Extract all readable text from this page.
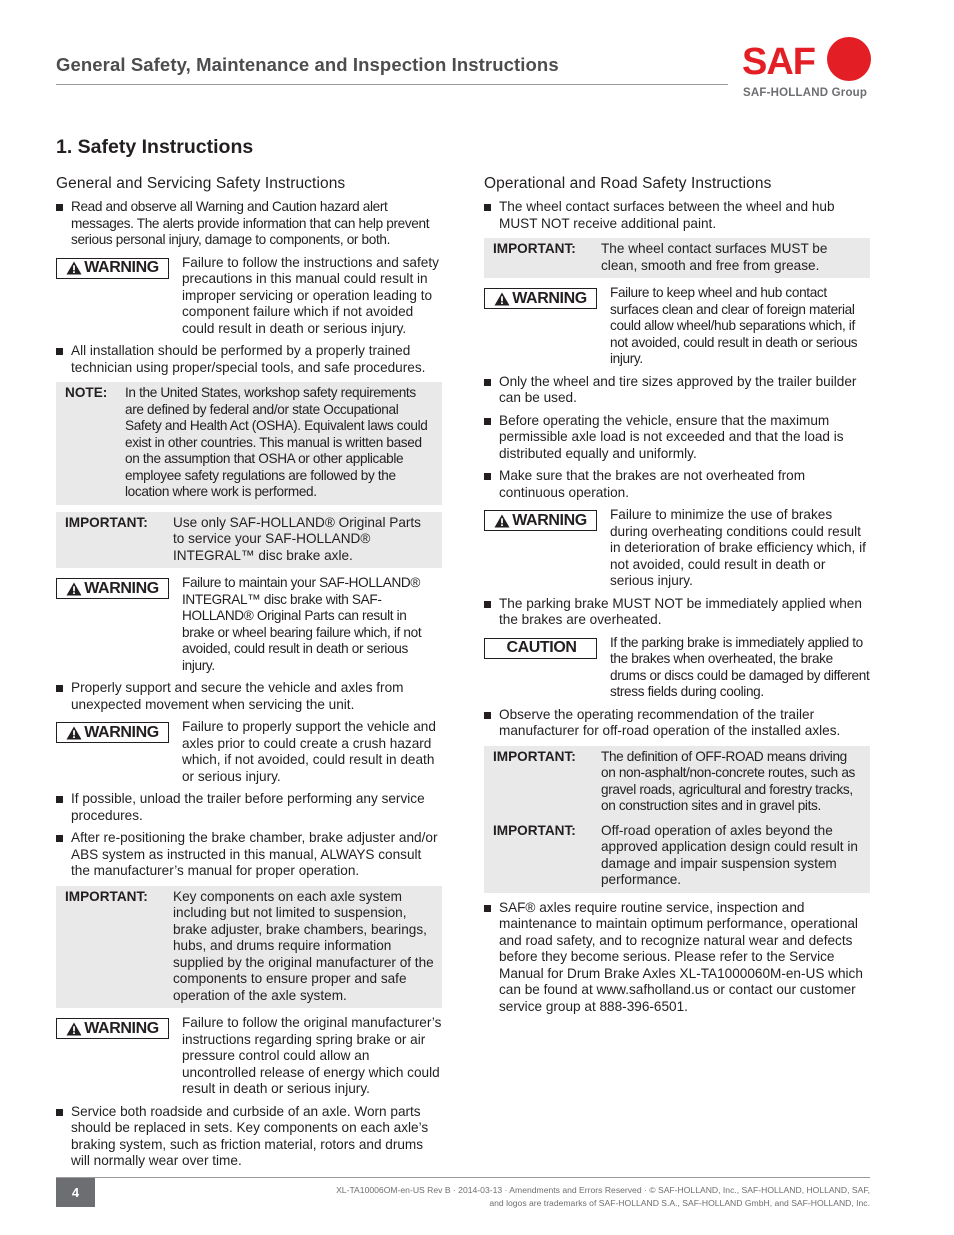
General Safety, Maintenance and Inspection Instructions	SAF
SAF-HOLLAND Group
1. Safety Instructions
General and Servicing Safety Instructions
Read and observe all Warning and Caution hazard alert messages. The alerts provide information that can help prevent serious personal injury, damage to components, or both.
WARNING Failure to follow the instructions and safety precautions in this manual could result in improper servicing or operation leading to component failure which if not avoided could result in death or serious injury.
All installation should be performed by a properly trained technician using proper/special tools, and safe procedures.
NOTE:	In the United States, workshop safety requirements are defined by federal and/or state Occupational Safety and Health Act (OSHA). Equivalent laws could exist in other countries. This manual is written based on the assumption that OSHA or other applicable employee safety regulations are followed by the location where work is performed.
IMPORTANT:	Use only SAF-HOLLAND® Original Parts to service your SAF-HOLLAND® INTEGRAL™ disc brake axle.
WARNING Failure to maintain your SAF-HOLLAND® INTEGRAL™ disc brake with SAF-HOLLAND® Original Parts can result in brake or wheel bearing failure which, if not avoided, could result in death or serious injury.
Properly support and secure the vehicle and axles from unexpected movement when servicing the unit.
WARNING Failure to properly support the vehicle and axles prior to could create a crush hazard which, if not avoided, could result in death or serious injury.
If possible, unload the trailer before performing any service procedures.
After re-positioning the brake chamber, brake adjuster and/or ABS system as instructed in this manual, ALWAYS consult the manufacturer’s manual for proper operation.
IMPORTANT:	Key components on each axle system including but not limited to suspension, brake adjuster, brake chambers, bearings, hubs, and drums require information supplied by the original manufacturer of the components to ensure proper and safe operation of the axle system.
WARNING Failure to follow the original manufacturer’s instructions regarding spring brake or air pressure control could allow an uncontrolled release of energy which could result in death or serious injury.
Service both roadside and curbside of an axle. Worn parts should be replaced in sets. Key components on each axle’s braking system, such as friction material, rotors and drums will normally wear over time.
Operational and Road Safety Instructions
The wheel contact surfaces between the wheel and hub MUST NOT receive additional paint.
IMPORTANT:	The wheel contact surfaces MUST be clean, smooth and free from grease.
WARNING Failure to keep wheel and hub contact surfaces clean and clear of foreign material could allow wheel/hub separations which, if not avoided, could result in death or serious injury.
Only the wheel and tire sizes approved by the trailer builder can be used.
Before operating the vehicle, ensure that the maximum permissible axle load is not exceeded and that the load is distributed equally and uniformly.
Make sure that the brakes are not overheated from continuous operation.
WARNING Failure to minimize the use of brakes during overheating conditions could result in deterioration of brake efficiency which, if not avoided, could result in death or serious injury.
The parking brake MUST NOT be immediately applied when the brakes are overheated.
CAUTION If the parking brake is immediately applied to the brakes when overheated, the brake drums or discs could be damaged by different stress fields during cooling.
Observe the operating recommendation of the trailer manufacturer for off-road operation of the installed axles.
IMPORTANT:	The definition of OFF-ROAD means driving on non-asphalt/non-concrete routes, such as gravel roads, agricultural and forestry tracks, on construction sites and in gravel pits.
IMPORTANT:	Off-road operation of axles beyond the approved application design could result in damage and impair suspension system performance.
SAF® axles require routine service, inspection and maintenance to maintain optimum performance, operational and road safety, and to recognize natural wear and defects before they become serious. Please refer to the Service Manual for Drum Brake Axles XL-TA1000060M-en-US which can be found at www.safholland.us or contact our customer service group at 888-396-6501.
4	XL-TA10006OM-en-US Rev B · 2014-03-13 · Amendments and Errors Reserved · © SAF-HOLLAND, Inc., SAF-HOLLAND, HOLLAND, SAF,
and logos are trademarks of SAF-HOLLAND S.A., SAF-HOLLAND GmbH, and SAF-HOLLAND, Inc.
